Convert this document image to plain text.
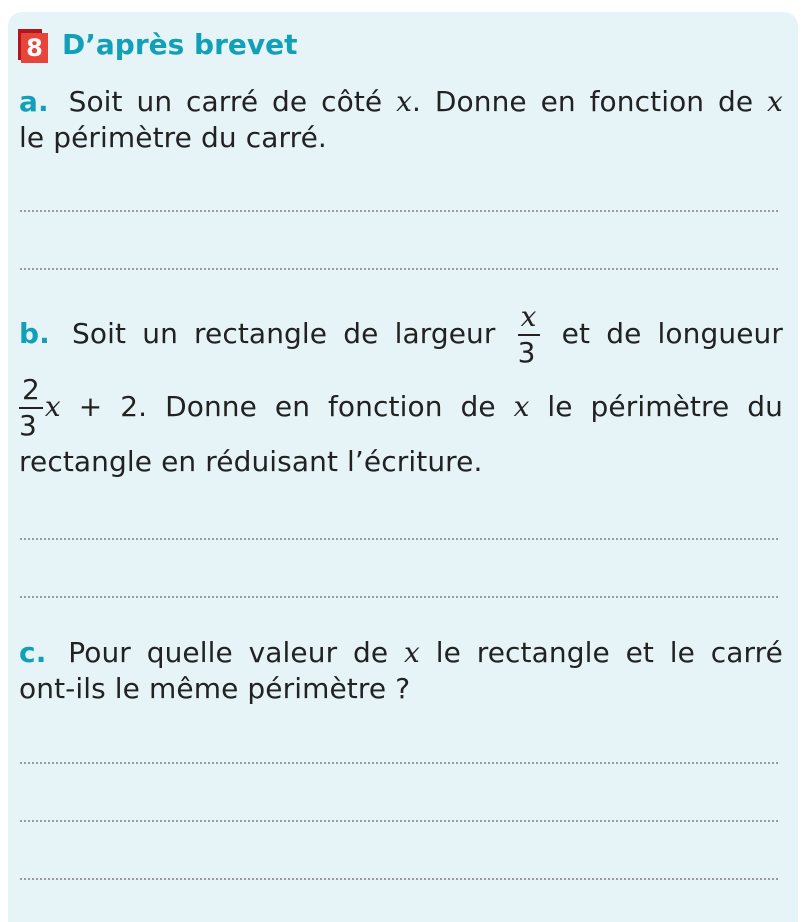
8 D’après brevet
a. Soit un carré de côté x. Donne en fonction de x
le périmètre du carré.
b. Soit un rectangle de largeur $\frac{x}{3}$ et de longueur
$\frac{2}{3}$ x + 2. Donne en fonction de x le périmètre du
rectangle en réduisant l’écriture.
c. Pour quelle valeur de x le rectangle et le carré
ont-ils le même périmètre ?
